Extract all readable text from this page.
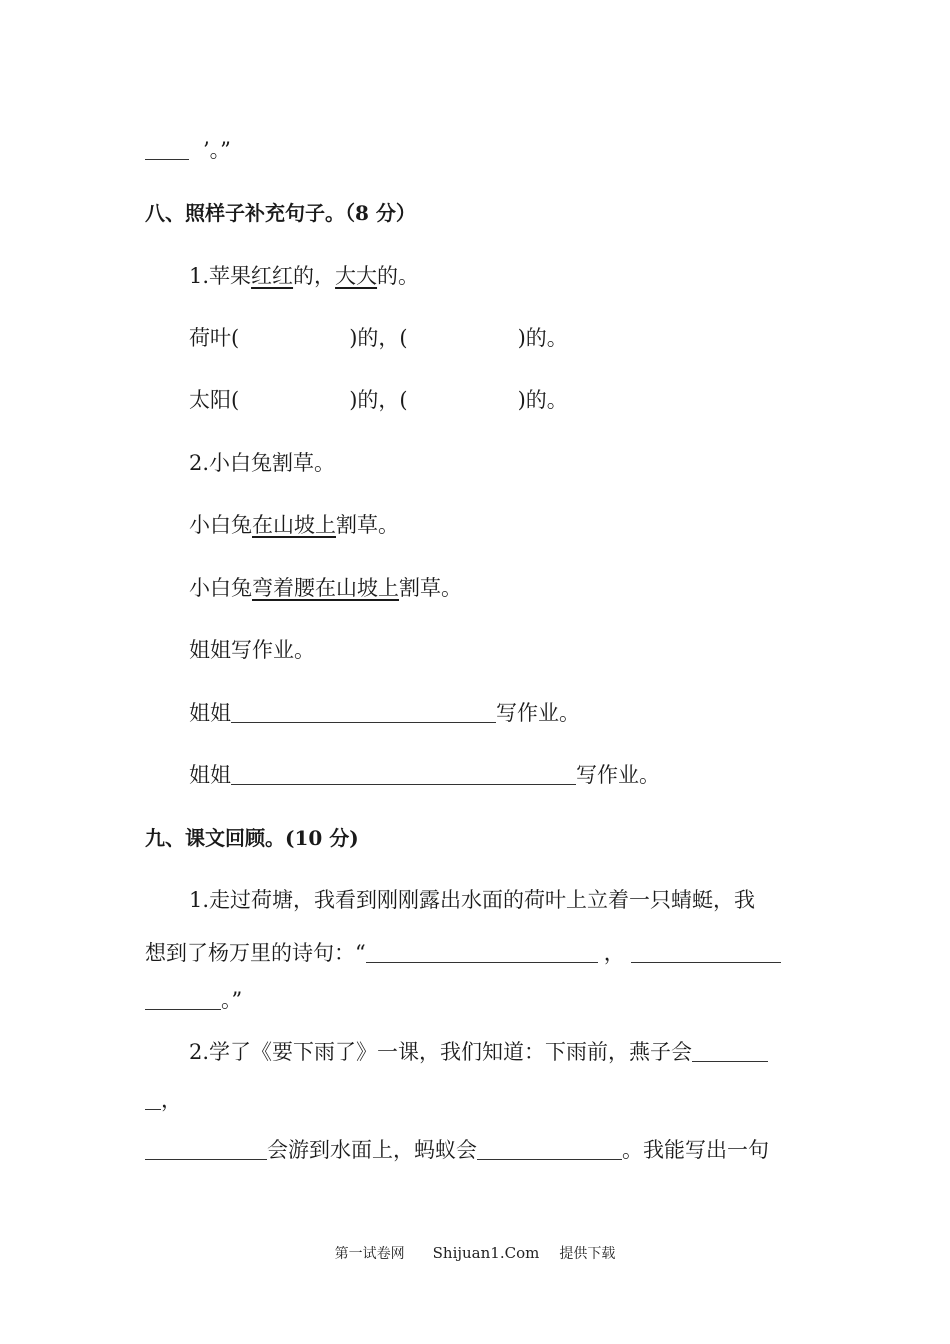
’。”
八、照样子补充句子。（8 分）
1.苹果红红的，大大的。
荷叶(	)的，(	)的。
太阳(	)的，(	)的。
2.小白兔割草。
小白兔在山坡上割草。
小白兔弯着腰在山坡上割草。
姐姐写作业。
姐姐	写作业。
姐姐	写作业。
九、课文回顾。(10 分)
1.走过荷塘，我看到刚刚露出水面的荷叶上立着一只蜻蜓，我
想到了杨万里的诗句：“	，
。”
2.学了《要下雨了》一课，我们知道：下雨前，燕子会
，
会游到水面上，蚂蚁会	。我能写出一句
第一试卷网 Shijuan1.Com 提供下载
